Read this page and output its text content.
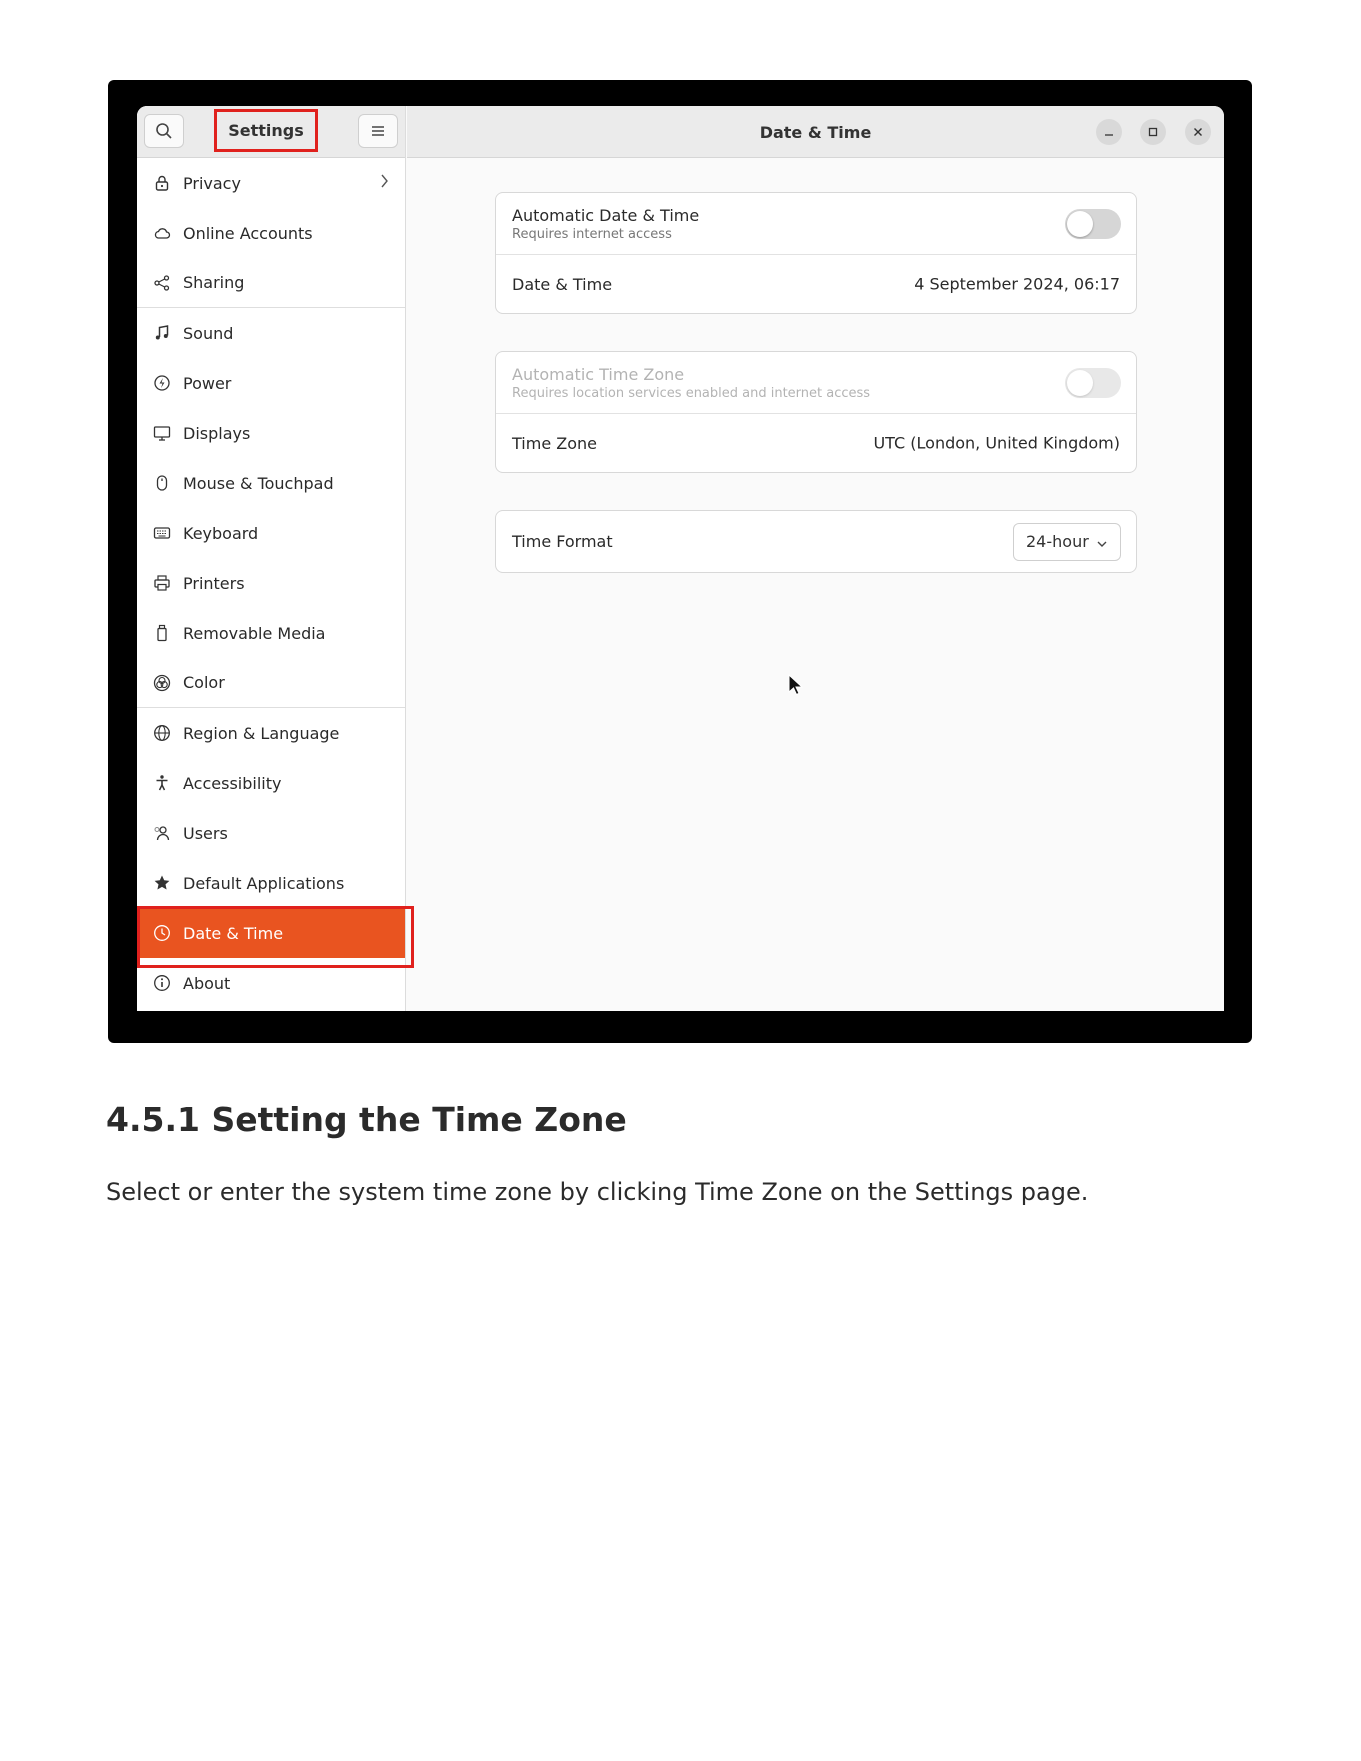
Settings
Privacy
Online Accounts
Sharing
Sound
Power
Displays
Mouse & Touchpad
Keyboard
Printers
Removable Media
Color
Region & Language
Accessibility
Users
Default Applications
Date & Time
About
Date & Time
Automatic Date & Time
Requires internet access
Date & Time	4 September 2024, 06:17
Automatic Time Zone
Requires location services enabled and internet access
Time Zone	UTC (London, United Kingdom)
Time Format	24-hour
4.5.1 Setting the Time Zone
Select or enter the system time zone by clicking Time Zone on the Settings page.
